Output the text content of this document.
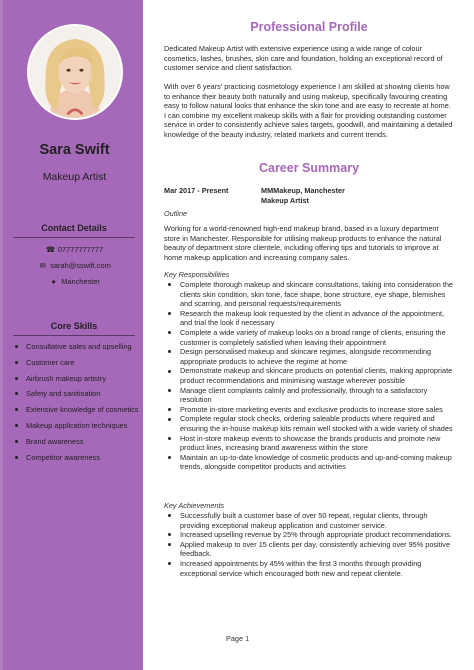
Sara Swift
Makeup Artist
Contact Details
☎ 07777777777
✉ sarah@sswift.com
● Manchester
Core Skills
Consultative sales and upselling
Customer care
Airbrush makeup artistry
Safety and sanitisation
Extensive knowledge of cosmetics
Makeup application techniques
Brand awareness
Competitor awareness
Professional Profile

Dedicated Makeup Artist with extensive experience using a wide range of colour cosmetics, lashes, brushes, skin care and foundation, holding an exceptional record of customer service and client satisfaction.

With over 6 years' practicing cosmetology experience I am skilled at showing clients how to enhance their beauty both naturally and using makeup, specifically favouring creating easy to follow natural looks that enhance the skin tone and are easy to recreate at home. I can combine my excellent makeup skills with a flair for providing outstanding customer service in order to consistently achieve sales targets, goodwill, and maintaining a detailed knowledge of the beauty industry, related markets and current trends.

Career Summary
Mar 2017 - Present	MMMakeup, Manchester
Makeup Artist
Outline

Working for a world-renowned high-end makeup brand, based in a luxury department store in Manchester. Responsible for utilising makeup products to enhance the natural beauty of department store clientele, including offering tips and tutorials to improve at home makeup application and increasing company sales.

Key Responsibilities
Complete thorough makeup and skincare consultations, taking into consideration the clients skin condition, skin tone, face shape, bone structure, eye shape, blemishes and scarring, and personal requests/requirements
Research the makeup look requested by the client in advance of the appointment, and trial the look if necessary
Complete a wide variety of makeup looks on a broad range of clients, ensuring the customer is completely satisfied when leaving their appointment
Design personalised makeup and skincare regimes, alongside recommending appropriate products to achieve the regime at home
Demonstrate makeup and skincare products on potential clients, making appropriate product recommendations and minimising wastage wherever possible
Manage client complaints calmly and professionally, through to a satisfactory resolution
Promote in-store marketing events and exclusive products to increase store sales
Complete regular stock checks, ordering saleable products where required and ensuring the in-house makeup kits remain well stocked with a wide variety of shades
Host in-store makeup events to showcase the brands products and promote new product lines, increasing brand awareness within the store
Maintain an up-to-date knowledge of cosmetic products and up-and-coming makeup trends, alongside competitor products and activities
Key Achievements
Successfully built a customer base of over 50 repeat, regular clients, through providing exceptional makeup application and customer service.
Increased upselling revenue by 25% through appropriate product recommendations.
Applied makeup to over 15 clients per day, consistently achieving over 95% positive feedback.
Increased appointments by 45% within the first 3 months through providing exceptional service which encouraged both new and repeat clientele.
Page 1
